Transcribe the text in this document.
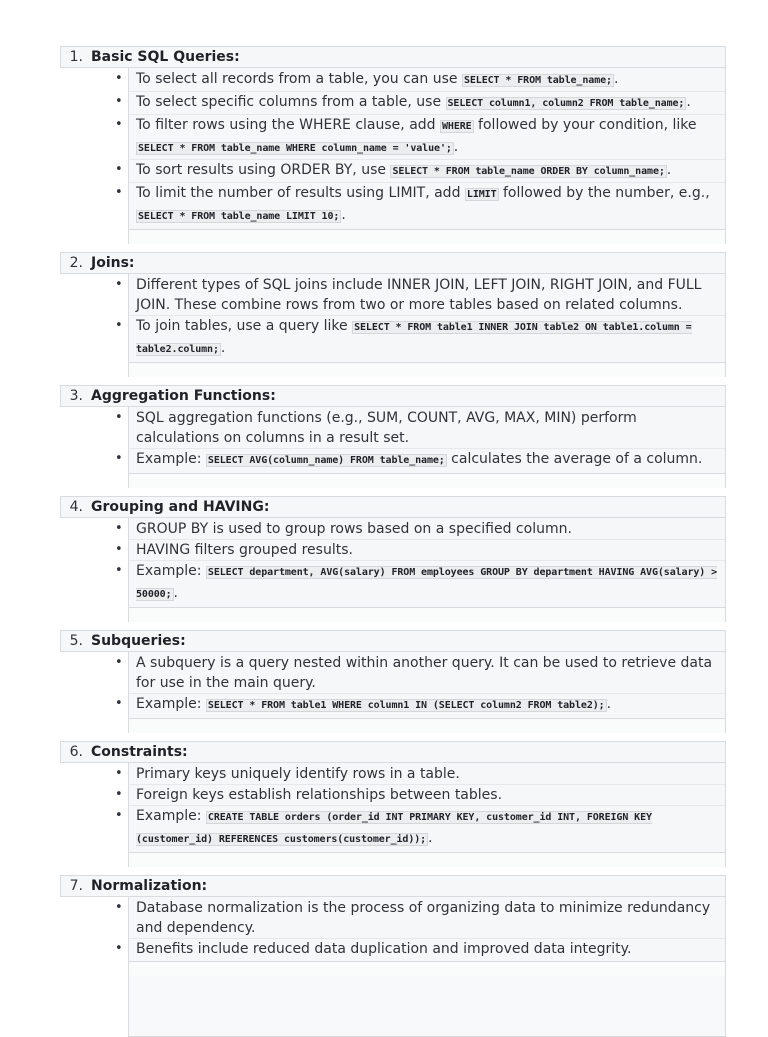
1. Basic SQL Queries:
• To select all records from a table, you can use SELECT * FROM table_name; .
• To select specific columns from a table, use SELECT column1, column2 FROM table_name; .
• To filter rows using the WHERE clause, add WHERE followed by your condition, like SELECT * FROM table_name WHERE column_name = 'value'; .
• To sort results using ORDER BY, use SELECT * FROM table_name ORDER BY column_name; .
• To limit the number of results using LIMIT, add LIMIT followed by the number, e.g., SELECT * FROM table_name LIMIT 10; .
2. Joins:
• Different types of SQL joins include INNER JOIN, LEFT JOIN, RIGHT JOIN, and FULL JOIN. These combine rows from two or more tables based on related columns.
• To join tables, use a query like SELECT * FROM table1 INNER JOIN table2 ON table1.column = table2.column; .
3. Aggregation Functions:
• SQL aggregation functions (e.g., SUM, COUNT, AVG, MAX, MIN) perform calculations on columns in a result set.
• Example: SELECT AVG(column_name) FROM table_name; calculates the average of a column.
4. Grouping and HAVING:
• GROUP BY is used to group rows based on a specified column.
• HAVING filters grouped results.
• Example: SELECT department, AVG(salary) FROM employees GROUP BY department HAVING AVG(salary) > 50000; .
5. Subqueries:
• A subquery is a query nested within another query. It can be used to retrieve data for use in the main query.
• Example: SELECT * FROM table1 WHERE column1 IN (SELECT column2 FROM table2); .
6. Constraints:
• Primary keys uniquely identify rows in a table.
• Foreign keys establish relationships between tables.
• Example: CREATE TABLE orders (order_id INT PRIMARY KEY, customer_id INT, FOREIGN KEY (customer_id) REFERENCES customers(customer_id)); .
7. Normalization:
• Database normalization is the process of organizing data to minimize redundancy and dependency.
• Benefits include reduced data duplication and improved data integrity.
